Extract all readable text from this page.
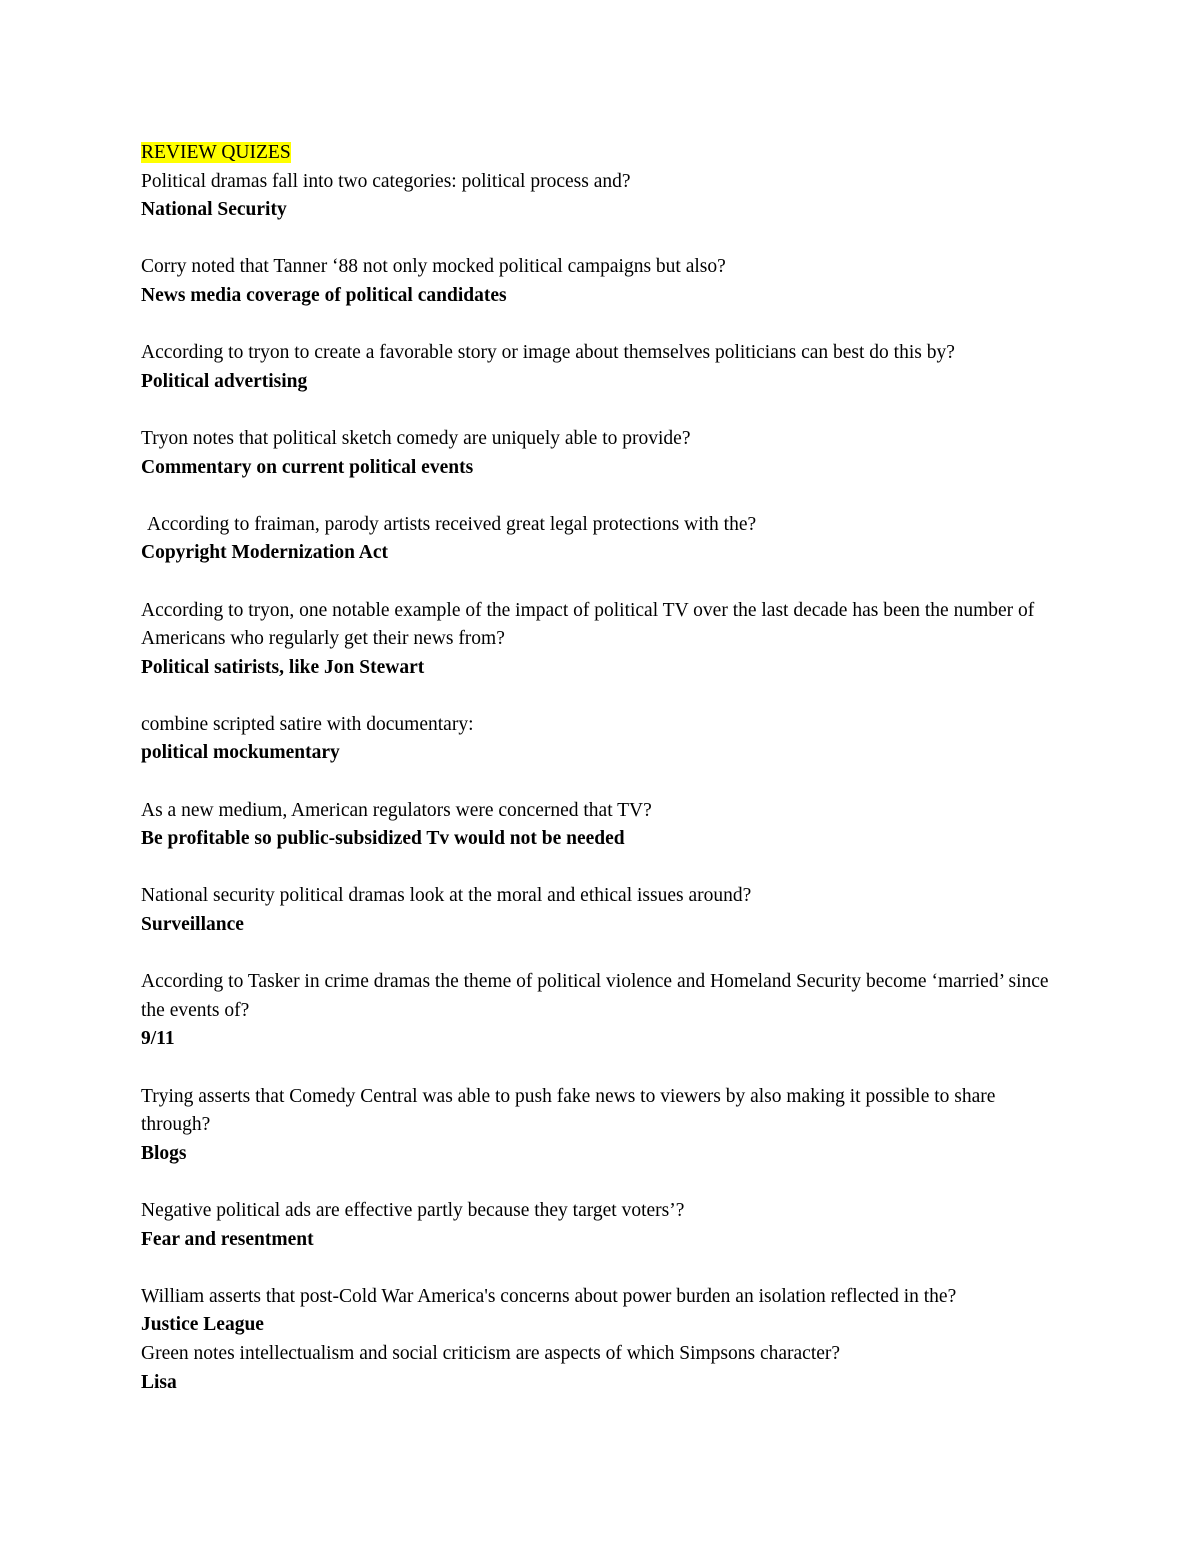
REVIEW QUIZES
Political dramas fall into two categories: political process and?
National Security
Corry noted that Tanner ‘88 not only mocked political campaigns but also?
News media coverage of political candidates
According to tryon to create a favorable story or image about themselves politicians can best do this by?
Political advertising
Tryon notes that political sketch comedy are uniquely able to provide?
Commentary on current political events
According to fraiman, parody artists received great legal protections with the?
Copyright Modernization Act
According to tryon, one notable example of the impact of political TV over the last decade has been the number of Americans who regularly get their news from?
Political satirists, like Jon Stewart
combine scripted satire with documentary:
political mockumentary
As a new medium, American regulators were concerned that TV?
Be profitable so public-subsidized Tv would not be needed
National security political dramas look at the moral and ethical issues around?
Surveillance
According to Tasker in crime dramas the theme of political violence and Homeland Security become ‘married’ since the events of?
9/11
Trying asserts that Comedy Central was able to push fake news to viewers by also making it possible to share through?
Blogs
Negative political ads are effective partly because they target voters’?
Fear and resentment
William asserts that post-Cold War America's concerns about power burden an isolation reflected in the?
Justice League
Green notes intellectualism and social criticism are aspects of which Simpsons character?
Lisa
